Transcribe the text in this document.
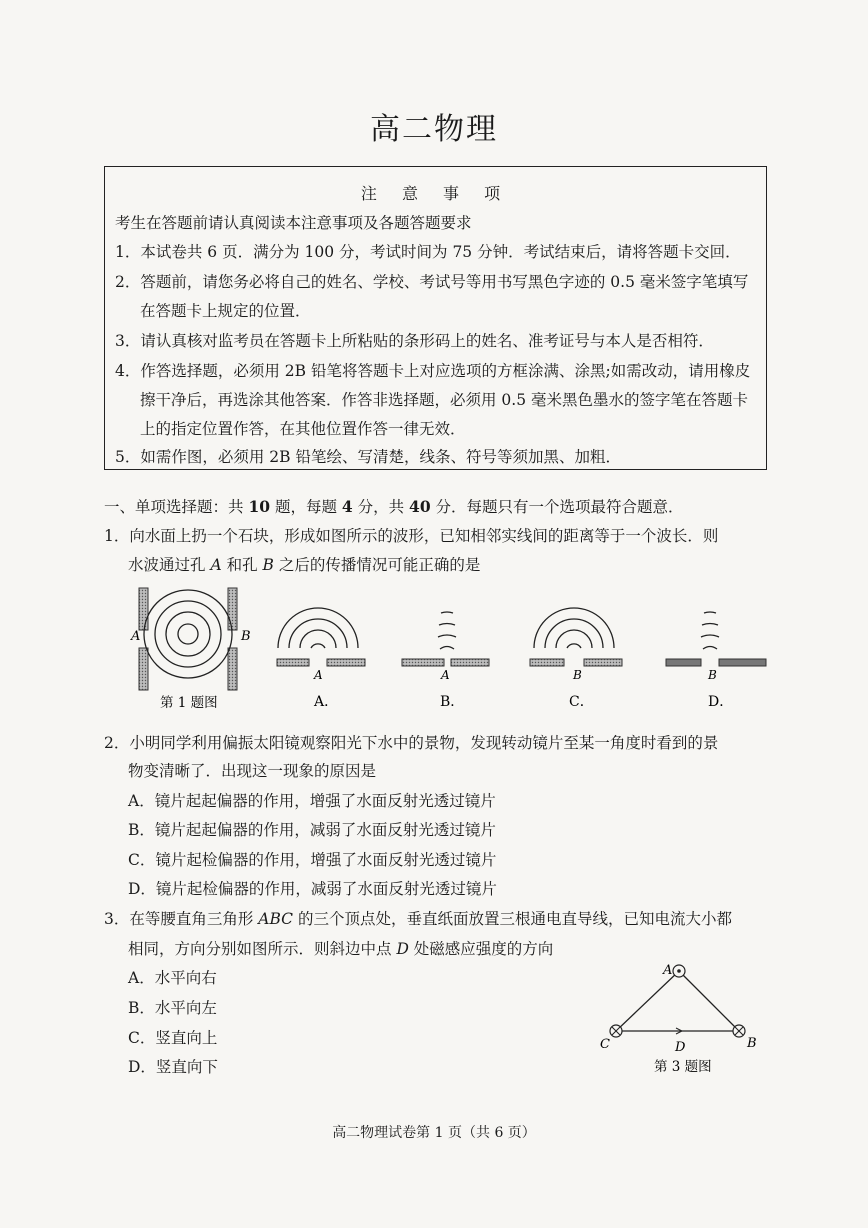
高二物理
注 意 事 项
考生在答题前请认真阅读本注意事项及各题答题要求
1．本试卷共 6 页．满分为 100 分，考试时间为 75 分钟．考试结束后，请将答题卡交回．
2．答题前，请您务必将自己的姓名、学校、考试号等用书写黑色字迹的 0.5 毫米签字笔填写
在答题卡上规定的位置．
3．请认真核对监考员在答题卡上所粘贴的条形码上的姓名、准考证号与本人是否相符．
4．作答选择题，必须用 2B 铅笔将答题卡上对应选项的方框涂满、涂黑;如需改动，请用橡皮
擦干净后，再选涂其他答案．作答非选择题，必须用 0.5 毫米黑色墨水的签字笔在答题卡
上的指定位置作答，在其他位置作答一律无效．
5．如需作图，必须用 2B 铅笔绘、写清楚，线条、符号等须加黑、加粗．
一、单项选择题：共 10 题，每题 4 分，共 40 分．每题只有一个选项最符合题意．
1．向水面上扔一个石块，形成如图所示的波形，已知相邻实线间的距离等于一个波长．则
水波通过孔 A 和孔 B 之后的传播情况可能正确的是
A	B
第 1 题图
A
A．
A
B．
B
C．
B
D．
2．小明同学利用偏振太阳镜观察阳光下水中的景物，发现转动镜片至某一角度时看到的景
物变清晰了．出现这一现象的原因是
A．镜片起起偏器的作用，增强了水面反射光透过镜片
B．镜片起起偏器的作用，减弱了水面反射光透过镜片
C．镜片起检偏器的作用，增强了水面反射光透过镜片
D．镜片起检偏器的作用，减弱了水面反射光透过镜片
3．在等腰直角三角形 ABC 的三个顶点处，垂直纸面放置三根通电直导线，已知电流大小都
相同，方向分别如图所示．则斜边中点 D 处磁感应强度的方向
A．水平向右
B．水平向左
C．竖直向上
D．竖直向下
A
B
C	D
第 3 题图
高二物理试卷第 1 页（共 6 页）
